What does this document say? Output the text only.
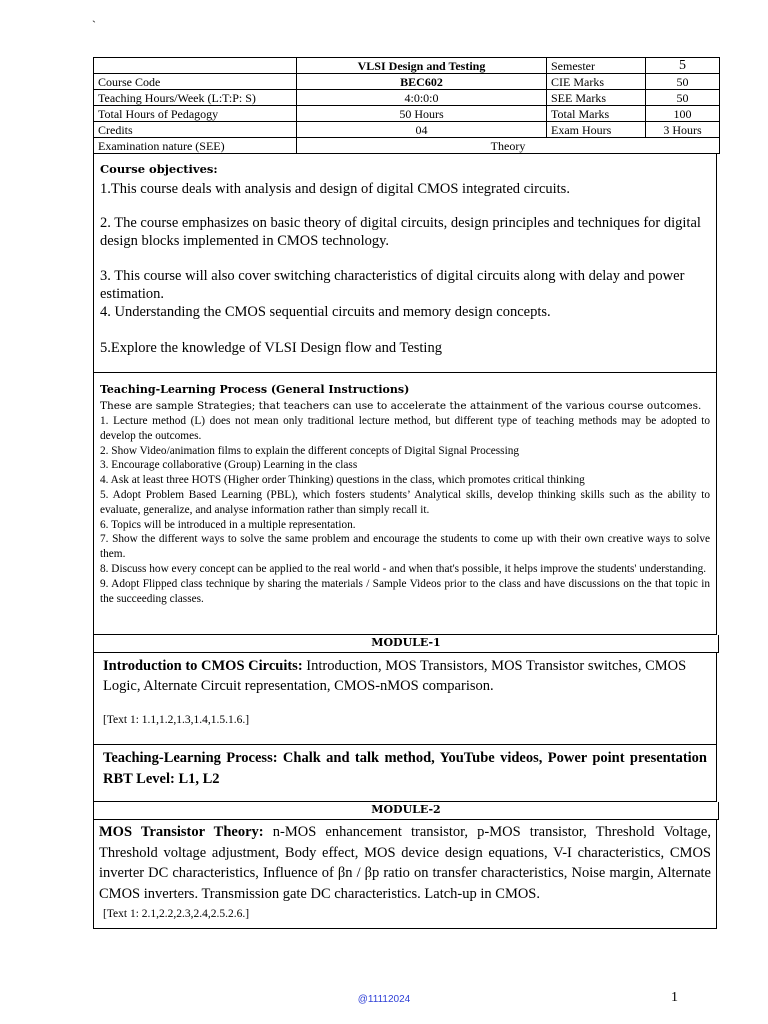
`
	VLSI Design and Testing	Semester	5
Course Code	BEC602	CIE Marks	50
Teaching Hours/Week (L:T:P: S)	4:0:0:0	SEE Marks	50
Total Hours of Pedagogy	50 Hours	Total Marks	100
Credits	04	Exam Hours	3 Hours
Examination nature (SEE)	Theory		
Course objectives:

1.This course deals with analysis and design of digital CMOS integrated circuits.

2. The course emphasizes on basic theory of digital circuits, design principles and techniques for digital design blocks implemented in CMOS technology.

3. This course will also cover switching characteristics of digital circuits along with delay and power estimation.

4. Understanding the CMOS sequential circuits and memory design concepts.

5.Explore the knowledge of VLSI Design flow and Testing

Teaching-Learning Process (General Instructions)
These are sample Strategies; that teachers can use to accelerate the attainment of the various course outcomes.

1. Lecture method (L) does not mean only traditional lecture method, but different type of teaching methods may be adopted to develop the outcomes.

2. Show Video/animation films to explain the different concepts of Digital Signal Processing

3. Encourage collaborative (Group) Learning in the class

4. Ask at least three HOTS (Higher order Thinking) questions in the class, which promotes critical thinking

5. Adopt Problem Based Learning (PBL), which fosters students’ Analytical skills, develop thinking skills such as the ability to evaluate, generalize, and analyse information rather than simply recall it.

6. Topics will be introduced in a multiple representation.

7. Show the different ways to solve the same problem and encourage the students to come up with their own creative ways to solve them.

8. Discuss how every concept can be applied to the real world - and when that's possible, it helps improve the students' understanding.

9. Adopt Flipped class technique by sharing the materials / Sample Videos prior to the class and have discussions on the that topic in the succeeding classes.

MODULE-1
Introduction to CMOS Circuits: Introduction, MOS Transistors, MOS Transistor switches, CMOS Logic, Alternate Circuit representation, CMOS-nMOS comparison.
[Text 1: 1.1,1.2,1.3,1.4,1.5.1.6.]
Teaching-Learning Process: Chalk and talk method, YouTube videos, Power point presentation RBT Level: L1, L2
MODULE-2
MOS Transistor Theory: n-MOS enhancement transistor, p-MOS transistor, Threshold Voltage, Threshold voltage adjustment, Body effect, MOS device design equations, V-I characteristics, CMOS inverter DC characteristics, Influence of βn / βp ratio on transfer characteristics, Noise margin, Alternate CMOS inverters. Transmission gate DC characteristics. Latch-up in CMOS.
[Text 1: 2.1,2.2,2.3,2.4,2.5.2.6.]
@11112024	1
